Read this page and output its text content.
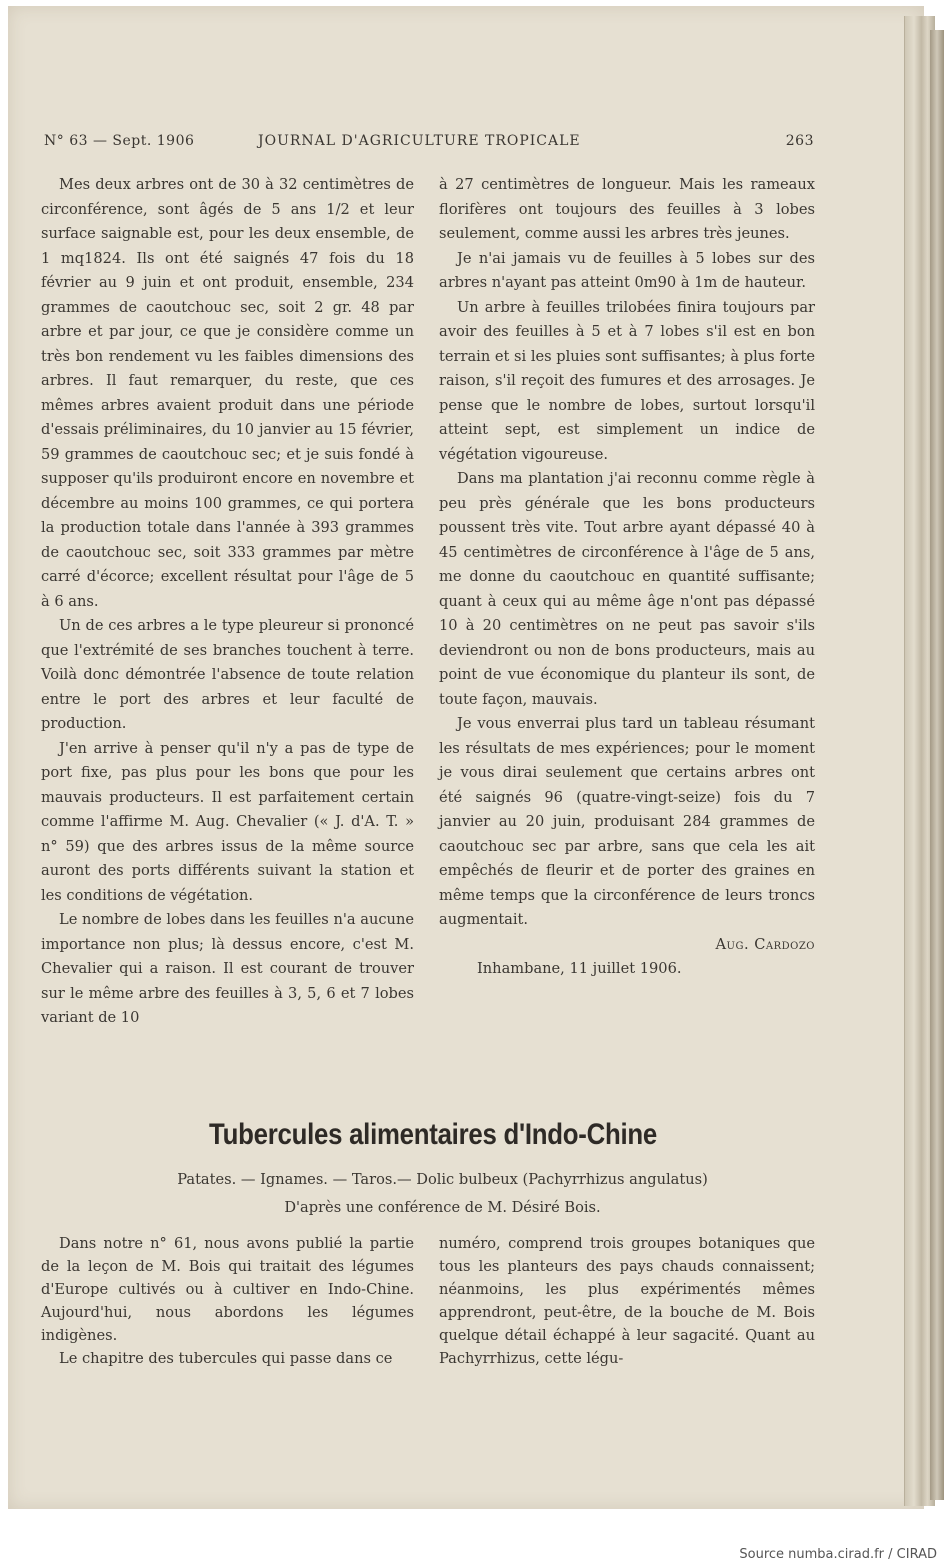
N° 63 — Sept. 1906	JOURNAL D'AGRICULTURE TROPICALE	263

Mes deux arbres ont de 30 à 32 centimètres de circonférence, sont âgés de 5 ans 1/2 et leur surface saignable est, pour les deux ensemble, de 1 mq1824. Ils ont été saignés 47 fois du 18 février au 9 juin et ont produit, ensemble, 234 grammes de caoutchouc sec, soit 2 gr. 48 par arbre et par jour, ce que je considère comme un très bon rendement vu les faibles dimensions des arbres. Il faut remarquer, du reste, que ces mêmes arbres avaient produit dans une période d'essais préliminaires, du 10 janvier au 15 février, 59 grammes de caoutchouc sec; et je suis fondé à supposer qu'ils produiront encore en novembre et décembre au moins 100 grammes, ce qui portera la production totale dans l'année à 393 grammes de caoutchouc sec, soit 333 grammes par mètre carré d'écorce; excellent résultat pour l'âge de 5 à 6 ans.

Un de ces arbres a le type pleureur si prononcé que l'extrémité de ses branches touchent à terre. Voilà donc démontrée l'absence de toute relation entre le port des arbres et leur faculté de production.

J'en arrive à penser qu'il n'y a pas de type de port fixe, pas plus pour les bons que pour les mauvais producteurs. Il est parfaitement certain comme l'affirme M. Aug. Chevalier (« J. d'A. T. » n° 59) que des arbres issus de la même source auront des ports différents suivant la station et les conditions de végétation.

Le nombre de lobes dans les feuilles n'a aucune importance non plus; là dessus encore, c'est M. Chevalier qui a raison. Il est courant de trouver sur le même arbre des feuilles à 3, 5, 6 et 7 lobes variant de 10

à 27 centimètres de longueur. Mais les rameaux florifères ont toujours des feuilles à 3 lobes seulement, comme aussi les arbres très jeunes.

Je n'ai jamais vu de feuilles à 5 lobes sur des arbres n'ayant pas atteint 0m90 à 1m de hauteur.

Un arbre à feuilles trilobées finira toujours par avoir des feuilles à 5 et à 7 lobes s'il est en bon terrain et si les pluies sont suffisantes; à plus forte raison, s'il reçoit des fumures et des arrosages. Je pense que le nombre de lobes, surtout lorsqu'il atteint sept, est simplement un indice de végétation vigoureuse.

Dans ma plantation j'ai reconnu comme règle à peu près générale que les bons producteurs poussent très vite. Tout arbre ayant dépassé 40 à 45 centimètres de circonférence à l'âge de 5 ans, me donne du caoutchouc en quantité suffisante; quant à ceux qui au même âge n'ont pas dépassé 10 à 20 centimètres on ne peut pas savoir s'ils deviendront ou non de bons producteurs, mais au point de vue économique du planteur ils sont, de toute façon, mauvais.

Je vous enverrai plus tard un tableau résumant les résultats de mes expériences; pour le moment je vous dirai seulement que certains arbres ont été saignés 96 (quatre-vingt-seize) fois du 7 janvier au 20 juin, produisant 284 grammes de caoutchouc sec par arbre, sans que cela les ait empêchés de fleurir et de porter des graines en même temps que la circonférence de leurs troncs augmentait.

Aug. Cardozo
Inhambane, 11 juillet 1906.
Tubercules alimentaires d'Indo-Chine
Patates. — Ignames. — Taros.— Dolic bulbeux (Pachyrrhizus angulatus)
D'après une conférence de M. Désiré Bois.

Dans notre n° 61, nous avons publié la partie de la leçon de M. Bois qui traitait des légumes d'Europe cultivés ou à cultiver en Indo-Chine. Aujourd'hui, nous abordons les légumes indigènes.

Le chapitre des tubercules qui passe dans ce

numéro, comprend trois groupes botaniques que tous les planteurs des pays chauds connaissent; néanmoins, les plus expérimentés mêmes apprendront, peut-être, de la bouche de M. Bois quelque détail échappé à leur sagacité. Quant au Pachyrrhizus, cette légu-

Source numba.cirad.fr / CIRAD
